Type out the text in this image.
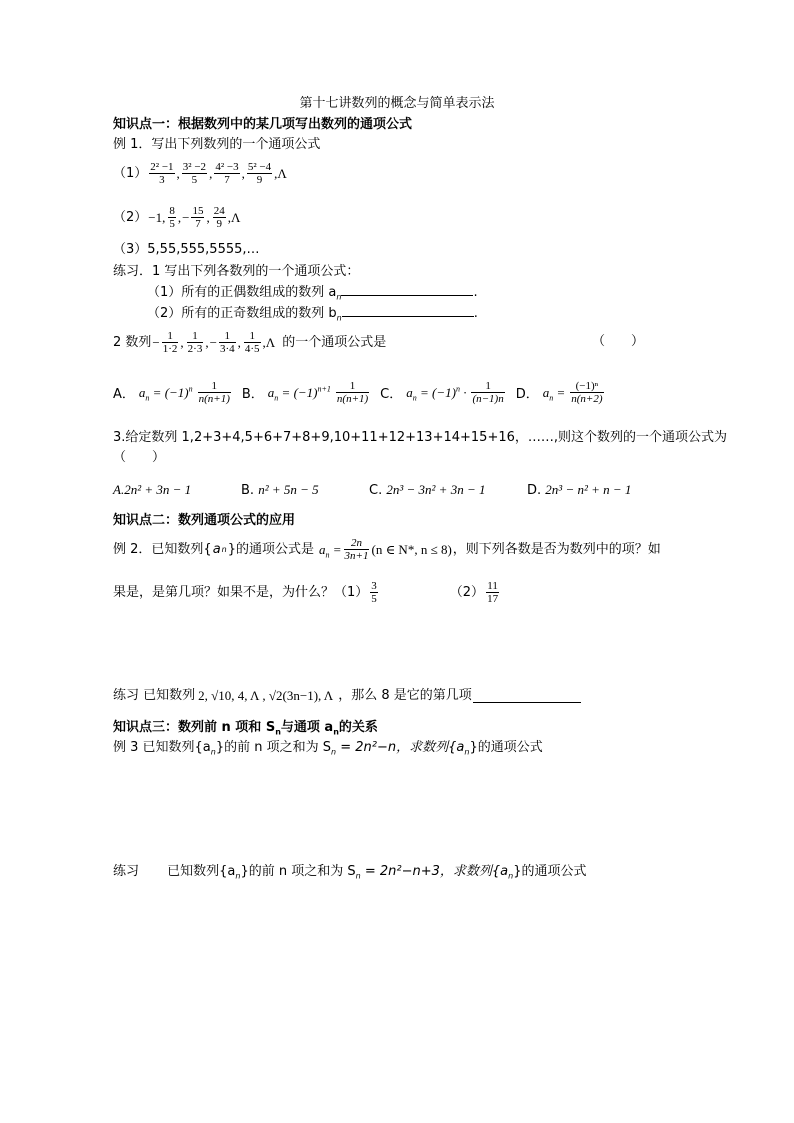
第十七讲数列的概念与简单表示法
知识点一：根据数列中的某几项写出数列的通项公式
例 1．写出下列数列的一个通项公式
$(1) \frac{\text{2² −1}}{3}$ , $\frac{\text{3² −2}}{5}$ , $\frac{\text{4² −3}}{7}$ , $\frac{\text{5² −4}}{9} ,\Lambda$
（2） −1, $\frac{8}{5}$ , − $\frac{15}{7}$ , $\frac{24}{9} ,\Lambda$
（3）5,55,555,5555,…
练习．1 写出下列各数列的一个通项公式：
（1）所有的正偶数组成的数列 $a_n$	.
（2）所有的正奇数组成的数列 $b_n$	.
2 数列 − $\frac{1}{1\cdot 2}$ , $\frac{1}{2\cdot 3}$ , − $\frac{1}{3\cdot 4}$ , $\frac{1}{4\cdot 5} ,\Lambda$ 的一个通项公式是	（　　）
A． $a_n = (-1)^n \frac{1}{n(n+1)}$ B． $a_n = (-1)^{n+1} \frac{1}{n(n+1)}$ C． $a_n = (-1)^n \cdot \frac{1}{(n-1)n}$ D． $a_n = \frac{\text{(−1)ⁿ}}{n(n+2)}$
3.给定数列 1,2+3+4,5+6+7+8+9,10+11+12+13+14+15+16，……,则这个数列的一个通项公式为
（　　）
A.2n² + 3n − 1	B. n² + 5n − 5	C. 2n³ − 3n² + 3n − 1	D. 2n³ − n² + n − 1
知识点二：数列通项公式的应用
例 2．已知数列{ a n }的通项公式是 $a_n = \frac{2n}{3n+1} (n$ ∈ N*, n ≤ 8) ，则下列各数是否为数列中的项？如
果是，是第几项？如果不是，为什么？$(1) \frac{3}{5}$	$(2) \frac{11}{17}$
练习 已知数列 2, √10, 4, Λ , √2(3n−1), Λ ，那么 8 是它的第几项
知识点三：数列前 n 项和 $S_n$与通项 $a_n$的关系
例 3 已知数列$\{a_n\}$的前 n 项之和为 $S_n = 2n^2-n$，求数列$\{a_n\}$的通项公式
练习 已知数列$\{a_n\}$的前 n 项之和为 $S_n = 2n^2-n+3$，求数列$\{a_n\}$的通项公式
